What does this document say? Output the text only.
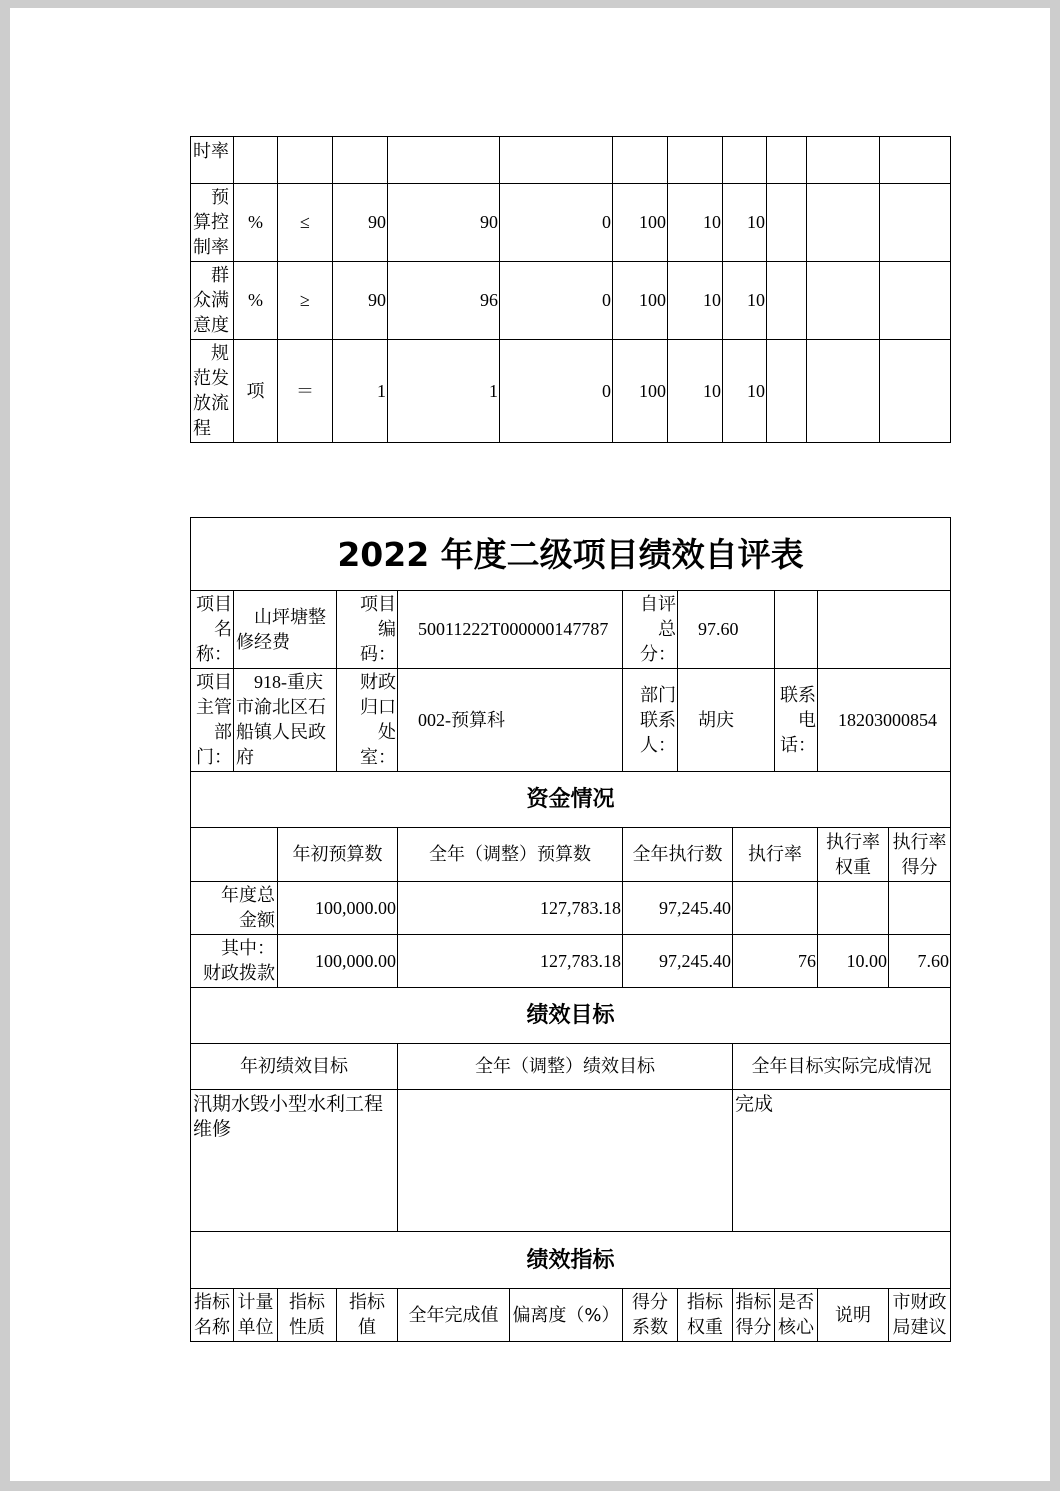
时率											
预算控制率	%	≤	90	90	0	100	10	10			
群众满意度	%	≥	90	96	0	100	10	10			
规范发放流程	项	＝	1	1	0	100	10	10			
2022 年度二级项目绩效自评表											
项目名称：	山坪塘整修经费		项目编码：	50011222T000000147787		自评总分：	97.60				
项目主管部门：	918-重庆市渝北区石船镇人民政府		财政归口处室：	002-预算科		部门联系人：	胡庆		联系电话：	18203000854	
资金情况											
		年初预算数		全年（调整）预算数		全年执行数		执行率		执行率权重	执行率得分
年度总金额		100,000.00		127,783.18		97,245.40					
其中：财政拨款		100,000.00		127,783.18		97,245.40		76		10.00	7.60
绩效目标											
年初绩效目标				全年（调整）绩效目标				全年目标实际完成情况			
汛期水毁小型水利工程维修								完成			
绩效指标											
指标名称	计量单位	指标性质	指标值	全年完成值	偏离度（%）	得分系数	指标权重	指标得分	是否核心	说明	市财政局建议
